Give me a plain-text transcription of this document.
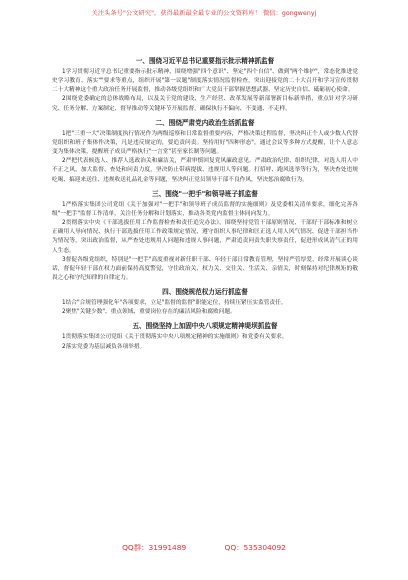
关注头条号"公文研究"，获得最新最全最专业的公文资料库！ 微信：gongwenyj
一、围绕习近平总书记重要指示批示精神抓监督

1学习贯彻习近平总书记重要指示批示精神，围绕增强"四个意识"、坚定"四个自信"、做到"两个维护"，常态化推进党史学习教育、落实""要求等重点，组织开展"第一议题"制度落实情况监督检查，突出迎接党的二十大召开和学习宣传贯彻二十大精神这个重大政治任务开展监督，推动各级党组织和广大党员干部掌握思想武器、坚定历史自信、砥砺初心使命。

2围绕党委确定的总体战略布局，以及关于党的建设、生产经营、改革发展等新部署新目标新举措，重点针对学习研究、任务分解、方案制定、督导推动等关键环节开展监督，确保执行不偏向、不变通、不走样。

二、围绕严肃党内政治生活抓监督

1把"三重一大"决策制度执行情况作为两级巡察和日常监督重要内容，严格决策过程监督，坚决纠正个人或少数人代替党组织和班子集体作决策，凡是违反规定的，要追责问责。坚持用好"四种形态"，通过会议等多种方式提醒，让个人意志变为集体决策，提醒班子成员严格执行"一言堂"甚至家长制等问题。

2严把代表候选人、推荐人选政治关和廉洁关，严肃审慎回复党风廉政意见。严肃政治纪律、组织纪律，对选人用人中不正之风，加大监督、查处和问责力度，坚决防止带病提拔、违规用人等问题。打招呼、跑风选举等行为，坚决查处违规吃喝、搞迎来送往、违规收送礼品礼金等问题，坚决纠正党员领导干部不良作风，坚决惩治腐败行为。

三、围绕"一把手"和领导班子抓监督

1严格落实集团公司党组《关于加强对"一把手"和领导班子成员监督的实施细则》及党委相关清单要求，细化完善各级"一把手"监督工作清单，关注任务分解和计划落实，推动各类党内监督主体同向发力。

2贯彻落实中央《干部选拔任用工作监督检查和责任追究办法》，围绕坚持党管干部原则情况、干部好干部标准和树立正确用人导向情况、执行干部选拔任用工作政策规定情况、遵守组织人事纪律和匡正选人用人风气情况、促进干部担当作为情况等，突出政治监督，从严查处违规用人问题和违规人事问题，严肃追责问责失职失察责任，促进形成风清气正的用人生态。

3督促各级党组织，特别是"一把手"高度重视对新任职干部、年轻干部日常教育管理，坚持严管厚爱，经常开展谈心谈话，督促年轻干部在权力面前保持高度警觉，守住政治关、权力关、交往关、生活关、亲情关，时刻保持对纪律规矩的敬畏之心和守纪知律的自律定力。

四、围绕规范权力运行抓监督

1结合"合规管理强化年"各项要求，立足"监督的监督"职能定位，持续压紧压实监管责任。

2聚焦"关键少数"、重点领域、重要岗位存在的廉洁风险和腐败问题。

五、围绕坚持上加固中央八项规定精神堤坝抓监督

1贯彻落实集团公司党组《关于贯彻落实中央八项规定精神的实施细则》和党委有关要求。

2落实党委为基层减负各项举措。

QQ群：31991489	QQ：535304092
